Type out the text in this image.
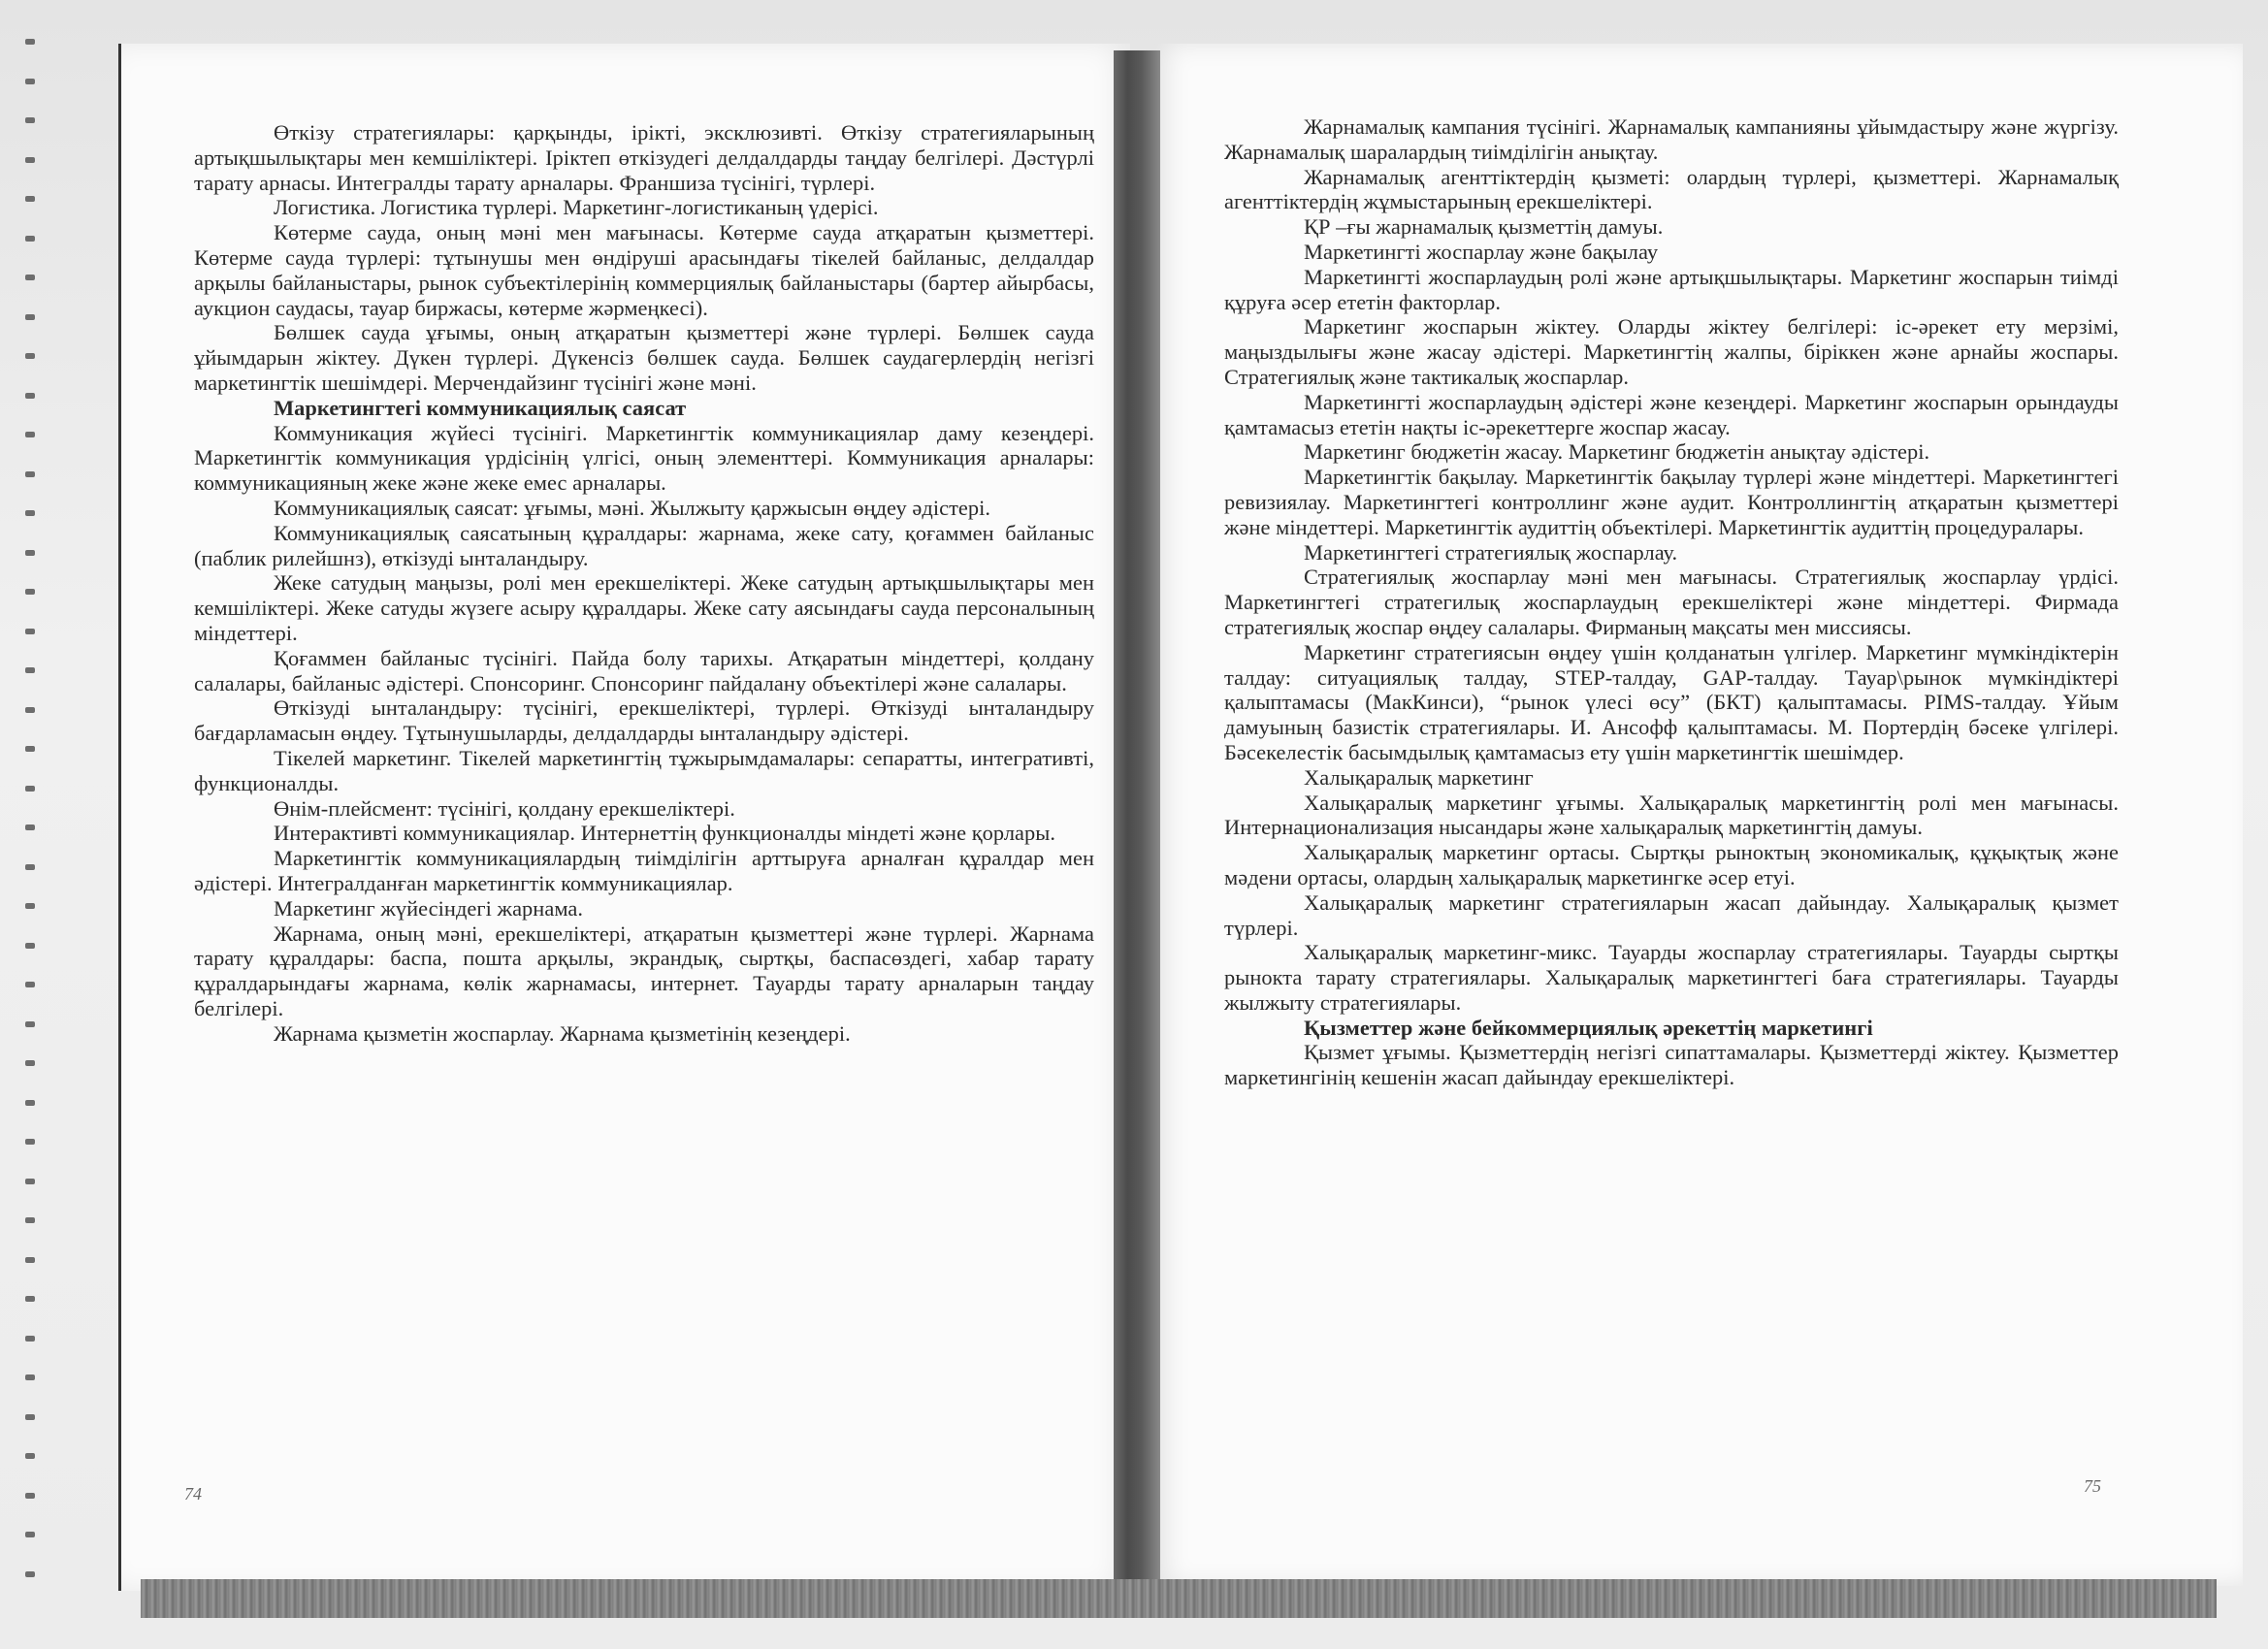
Өткізу стратегиялары: қарқынды, іріктi, эксклюзивті. Өткізу стратегияларының артықшылықтары мен кемшiлiктерi. Іріктеп өткізудегі делдалдарды таңдау белгілері. Дәстүрлі тарату арнасы. Интегралды тарату арналары. Франшиза түсінігі, түрлері.

Логистика. Логистика түрлері. Маркетинг-логистиканың үдерісі.

Көтерме сауда, оның мәні мен мағынасы. Көтерме сауда атқаратын қызметтері. Көтерме сауда түрлері: тұтынушы мен өндіруші арасындағы тікелей байланыс, делдалдар арқылы байланыстары, рынок субъектілерінің коммерциялық байланыстары (бартер айырбасы, аукцион саудасы, тауар биржасы, көтерме жәрмеңкесі).

Бөлшек сауда ұғымы, оның атқаратын қызметтері және түрлері. Бөлшек сауда ұйымдарын жіктеу. Дүкен түрлері. Дүкенсіз бөлшек сауда. Бөлшек саудагерлердің негізгі маркетингтік шешімдері. Мерчендайзинг түсінігі және мәні.

Маркетингтегі коммуникациялық саясат

Коммуникация жүйесі түсінігі. Маркетингтік коммуникациялар даму кезеңдері. Маркетингтік коммуникация үрдісінің үлгісі, оның элементтері. Коммуникация арналары: коммуникацияның жеке және жеке емес арналары.

Коммуникациялық саясат: ұғымы, мәні. Жылжыту қаржысын өңдеу әдістері.

Коммуникациялық саясатының құралдары: жарнама, жеке сату, қоғаммен байланыс (паблик рилейшнз), өткізуді ынталандыру.

Жеке сатудың маңызы, ролі мен ерекшеліктері. Жеке сатудың артықшылықтары мен кемшіліктері. Жеке сатуды жүзеге асыру құралдары. Жеке сату аясындағы сауда персоналының міндеттері.

Қоғаммен байланыс түсінігі. Пайда болу тарихы. Атқаратын міндеттері, қолдану салалары, байланыс әдістері. Спонсоринг. Спонсоринг пайдалану объектілері және салалары.

Өткізуді ынталандыру: түсінігі, ерекшеліктері, түрлері. Өткізуді ынталандыру бағдарламасын өңдеу. Тұтынушыларды, делдалдарды ынталандыру әдістері.

Тікелей маркетинг. Тікелей маркетингтің тұжырымдамалары: сепаратты, интегративті, функционалды.

Өнім-плейсмент: түсінігі, қолдану ерекшеліктері.

Интерактивті коммуникациялар. Интернеттің функционалды міндеті және қорлары.

Маркетингтік коммуникациялардың тиімділігін арттыруға арналған құралдар мен әдістері. Интегралданған маркетингтік коммуникациялар.

Маркетинг жүйесіндегі жарнама.

Жарнама, оның мәні, ерекшеліктері, атқаратын қызметтері және түрлері. Жарнама тарату құралдары: баспа, пошта арқылы, экрандық, сыртқы, баспасөздегі, хабар тарату құралдарындағы жарнама, көлік жарнамасы, интернет. Тауарды тарату арналарын таңдау белгілері.

Жарнама қызметін жоспарлау. Жарнама қызметінің кезеңдері.

Жарнамалық кампания түсінігі. Жарнамалық кампанияны ұйымдастыру және жүргізу. Жарнамалық шаралардың тиімділігін анықтау.

Жарнамалық агенттіктердің қызметі: олардың түрлері, қызметтері. Жарнамалық агенттіктердің жұмыстарының ерекшеліктері.

ҚР –ғы жарнамалық қызметтің дамуы.

Маркетингті жоспарлау және бақылау

Маркетингті жоспарлаудың ролі және артықшылықтары. Маркетинг жоспарын тиімді құруға әсер ететін факторлар.

Маркетинг жоспарын жіктеу. Оларды жіктеу белгілері: іс-әрекет ету мерзімі, маңыздылығы және жасау әдістері. Маркетингтің жалпы, біріккен және арнайы жоспары. Стратегиялық және тактикалық жоспарлар.

Маркетингті жоспарлаудың әдістері және кезеңдері. Маркетинг жоспарын орындауды қамтамасыз ететін нақты іс-әрекеттерге жоспар жасау.

Маркетинг бюджетін жасау. Маркетинг бюджетін анықтау әдістері.

Маркетингтік бақылау. Маркетингтік бақылау түрлері және міндеттері. Маркетингтегі ревизиялау. Маркетингтегі контроллинг және аудит. Контроллингтің атқаратын қызметтері және міндеттері. Маркетингтік аудиттің объектілері. Маркетингтік аудиттің процедуралары.

Маркетингтегі стратегиялық жоспарлау.

Стратегиялық жоспарлау мәні мен мағынасы. Стратегиялық жоспарлау үрдісі. Маркетингтегі стратегилық жоспарлаудың ерекшеліктері және міндеттері. Фирмада стратегиялық жоспар өңдеу салалары. Фирманың мақсаты мен миссиясы.

Маркетинг стратегиясын өңдеу үшін қолданатын үлгілер. Маркетинг мүмкіндіктерін талдау: ситуациялық талдау, STEP-талдау, GAP-талдау. Тауар\рынок мүмкіндіктері қалыптамасы (МакКинси), “рынок үлесі өсу” (БКТ) қалыптамасы. PIMS-талдау. Ұйым дамуының базистік стратегиялары. И. Ансофф қалыптамасы. М. Портердің бәсеке үлгілері. Бәсекелестік басымдылық қамтамасыз ету үшін маркетингтік шешімдер.

Халықаралық маркетинг

Халықаралық маркетинг ұғымы. Халықаралық маркетингтің ролі мен мағынасы. Интернационализация нысандары және халықаралық маркетингтің дамуы.

Халықаралық маркетинг ортасы. Сыртқы рыноктың экономикалық, құқықтық және мәдени ортасы, олардың халықаралық маркетингке әсер етуі.

Халықаралық маркетинг стратегияларын жасап дайындау. Халықаралық қызмет түрлері.

Халықаралық маркетинг-микс. Тауарды жоспарлау стратегиялары. Тауарды сыртқы рынокта тарату стратегиялары. Халықаралық маркетингтегі баға стратегиялары. Тауарды жылжыту стратегиялары.

Қызметтер және бейкоммерциялық әрекеттің маркетингі

Қызмет ұғымы. Қызметтердің негізгі сипаттамалары. Қызметтерді жіктеу. Қызметтер маркетингінің кешенін жасап дайындау ерекшеліктері.

74	75
